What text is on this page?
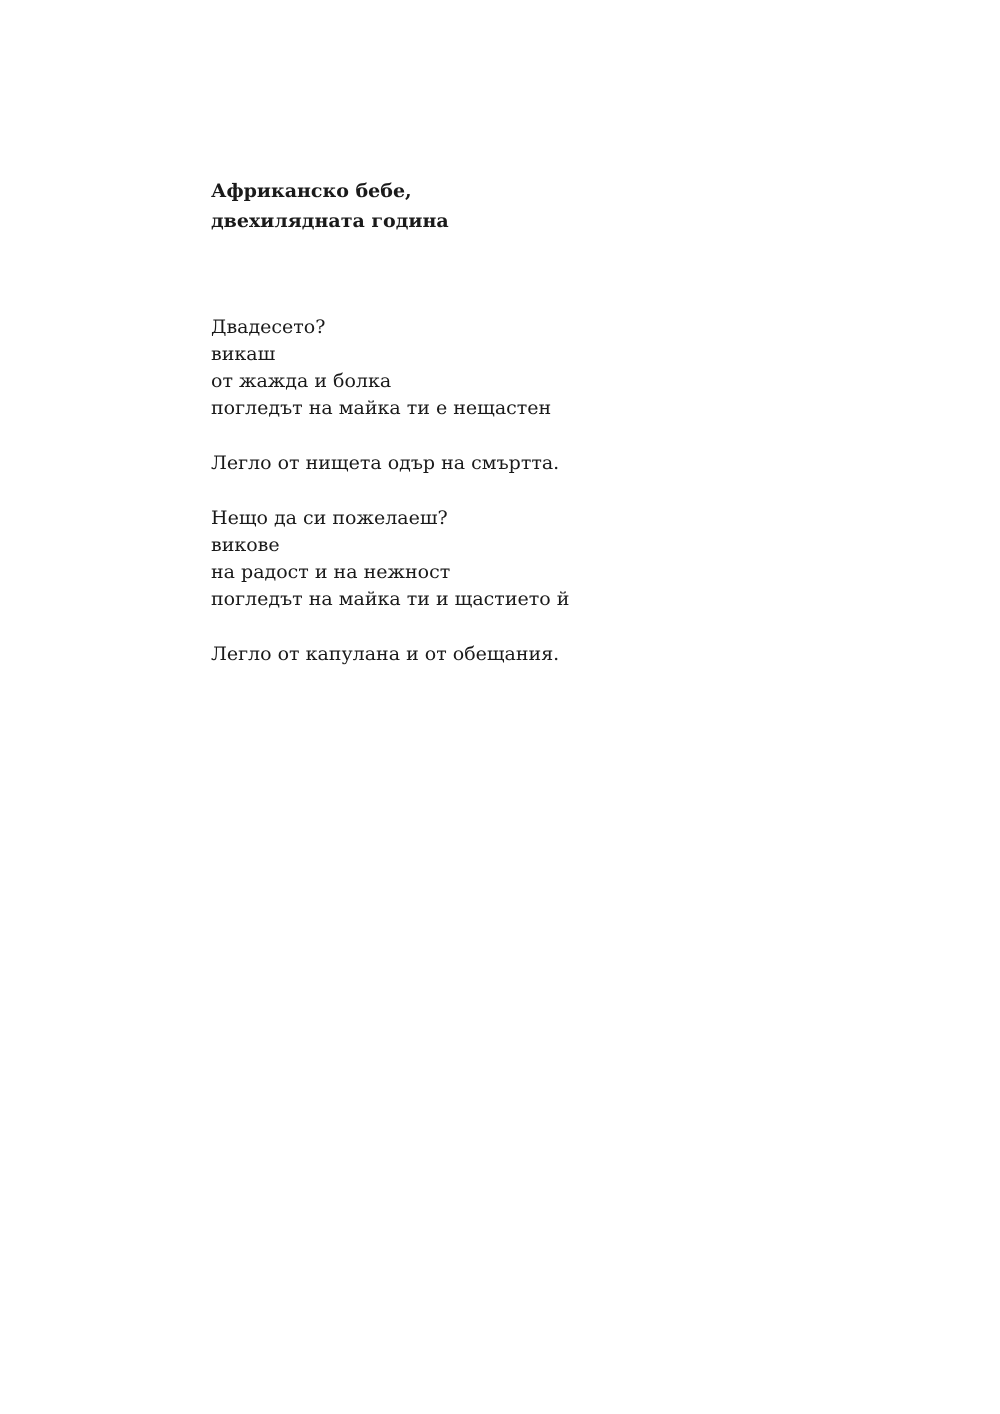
Африканско бебе,

двехилядната година

Двадесето?
викаш
от жажда и болка
погледът на майка ти е нещастен
Легло от нищета одър на смъртта.
Нещо да си пожелаеш?
викове
на радост и на нежност
погледът на майка ти и щастието й
Легло от капулана и от обещания.
